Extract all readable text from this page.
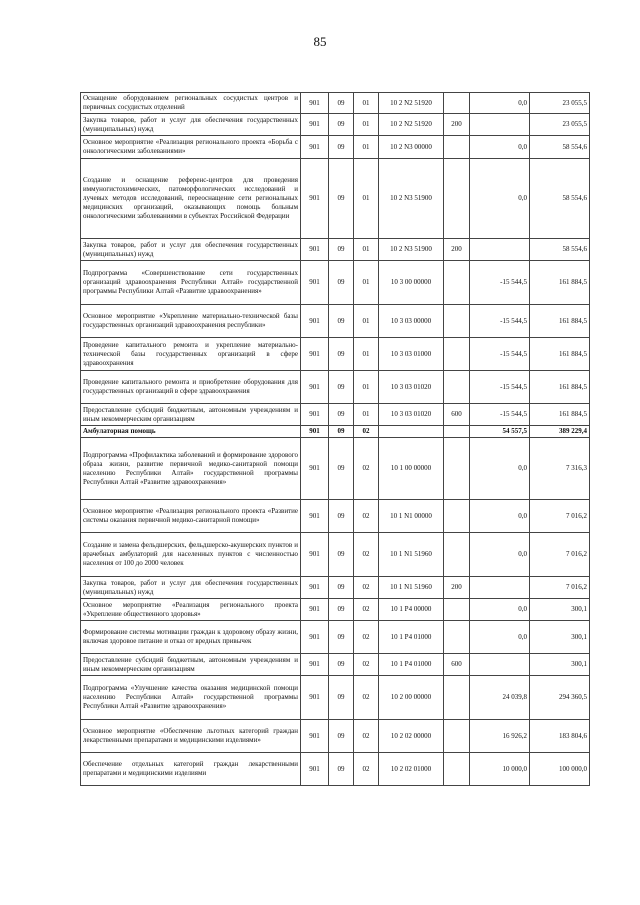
85
Оснащение оборудованием региональных сосудистых центров и первичных сосудистых отделений	901	09	01	10 2 N2 51920		0,0	23 055,5
Закупка товаров, работ и услуг для обеспечения государственных (муниципальных) нужд	901	09	01	10 2 N2 51920	200		23 055,5
Основное мероприятие «Реализация регионального проекта «Борьба с онкологическими заболеваниями»	901	09	01	10 2 N3 00000		0,0	58 554,6
Создание и оснащение референс-центров для проведения иммуногистохимических, патоморфологических исследований и лучевых методов исследований, переоснащение сети региональных медицинских организаций, оказывающих помощь больным онкологическими заболеваниями в субъектах Российской Федерации	901	09	01	10 2 N3 51900		0,0	58 554,6
Закупка товаров, работ и услуг для обеспечения государственных (муниципальных) нужд	901	09	01	10 2 N3 51900	200		58 554,6
Подпрограмма «Совершенствование сети государственных организаций здравоохранения Республики Алтай» государственной программы Республики Алтай «Развитие здравоохранения»	901	09	01	10 3 00 00000		-15 544,5	161 884,5
Основное мероприятие «Укрепление материально-технической базы государственных организаций здравоохранения республики»	901	09	01	10 3 03 00000		-15 544,5	161 884,5
Проведение капитального ремонта и укрепление материально-технической базы государственных организаций в сфере здравоохранения	901	09	01	10 3 03 01000		-15 544,5	161 884,5
Проведение капитального ремонта и приобретение оборудования для государственных организаций в сфере здравоохранения	901	09	01	10 3 03 01020		-15 544,5	161 884,5
Предоставление субсидий бюджетным, автономным учреждениям и иным некоммерческим организациям	901	09	01	10 3 03 01020	600	-15 544,5	161 884,5
Амбулаторная помощь	901	09	02			54 557,5	389 229,4
Подпрограмма «Профилактика заболеваний и формирование здорового образа жизни, развитие первичной медико-санитарной помощи населению Республики Алтай» государственной программы Республики Алтай «Развитие здравоохранения»	901	09	02	10 1 00 00000		0,0	7 316,3
Основное мероприятие «Реализация регионального проекта «Развитие системы оказания первичной медико-санитарной помощи»	901	09	02	10 1 N1 00000		0,0	7 016,2
Создание и замена фельдшерских, фельдшерско-акушерских пунктов и врачебных амбулаторий для населенных пунктов с численностью населения от 100 до 2000 человек	901	09	02	10 1 N1 51960		0,0	7 016,2
Закупка товаров, работ и услуг для обеспечения государственных (муниципальных) нужд	901	09	02	10 1 N1 51960	200		7 016,2
Основное мероприятие «Реализация регионального проекта «Укрепление общественного здоровья»	901	09	02	10 1 P4 00000		0,0	300,1
Формирование системы мотивации граждан к здоровому образу жизни, включая здоровое питание и отказ от вредных привычек	901	09	02	10 1 P4 01000		0,0	300,1
Предоставление субсидий бюджетным, автономным учреждениям и иным некоммерческим организациям	901	09	02	10 1 P4 01000	600		300,1
Подпрограмма «Улучшение качества оказания медицинской помощи населению Республики Алтай» государственной программы Республики Алтай «Развитие здравоохранения»	901	09	02	10 2 00 00000		24 039,8	294 360,5
Основное мероприятие «Обеспечение льготных категорий граждан лекарственными препаратами и медицинскими изделиями»	901	09	02	10 2 02 00000		16 926,2	183 804,6
Обеспечение отдельных категорий граждан лекарственными препаратами и медицинскими изделиями	901	09	02	10 2 02 01000		10 000,0	100 000,0
